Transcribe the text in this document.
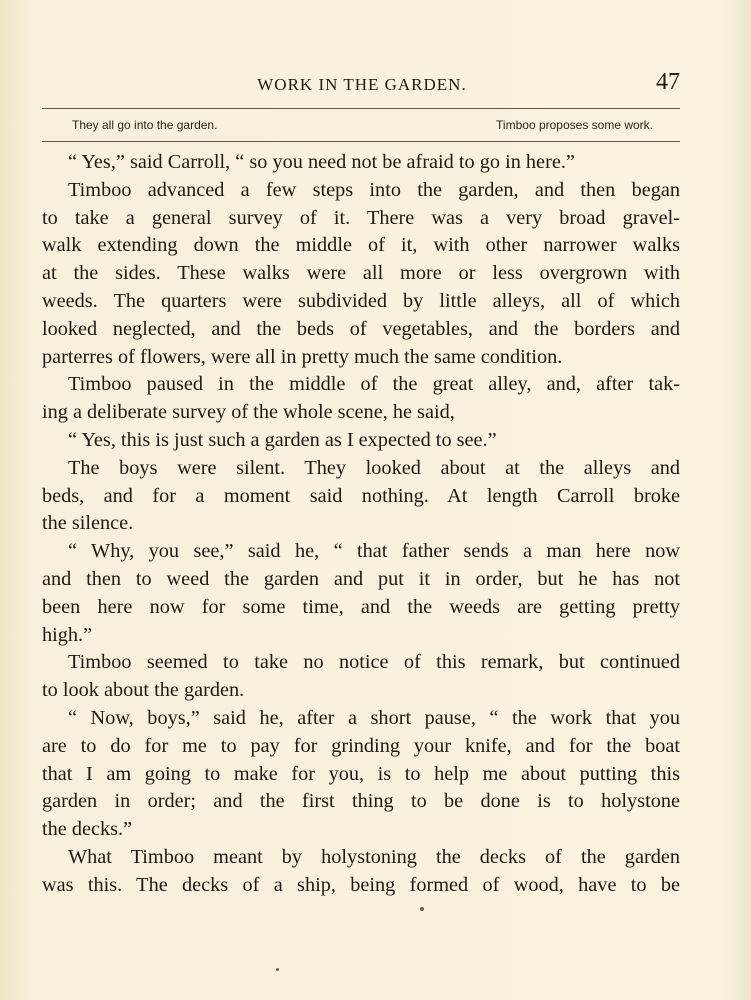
WORK IN THE GARDEN.	47
They all go into the garden.	Timboo proposes some work.
“ Yes,” said Carroll, “ so you need not be afraid to go in here.”
Timboo advanced a few steps into the garden, and then began
to take a general survey of it. There was a very broad gravel-
walk extending down the middle of it, with other narrower walks
at the sides. These walks were all more or less overgrown with
weeds. The quarters were subdivided by little alleys, all of which
looked neglected, and the beds of vegetables, and the borders and
parterres of flowers, were all in pretty much the same condition.
Timboo paused in the middle of the great alley, and, after tak-
ing a deliberate survey of the whole scene, he said,
“ Yes, this is just such a garden as I expected to see.”
The boys were silent. They looked about at the alleys and
beds, and for a moment said nothing. At length Carroll broke
the silence.
“ Why, you see,” said he, “ that father sends a man here now
and then to weed the garden and put it in order, but he has not
been here now for some time, and the weeds are getting pretty
high.”
Timboo seemed to take no notice of this remark, but continued
to look about the garden.
“ Now, boys,” said he, after a short pause, “ the work that you
are to do for me to pay for grinding your knife, and for the boat
that I am going to make for you, is to help me about putting this
garden in order; and the first thing to be done is to holystone
the decks.”
What Timboo meant by holystoning the decks of the garden
was this. The decks of a ship, being formed of wood, have to be
